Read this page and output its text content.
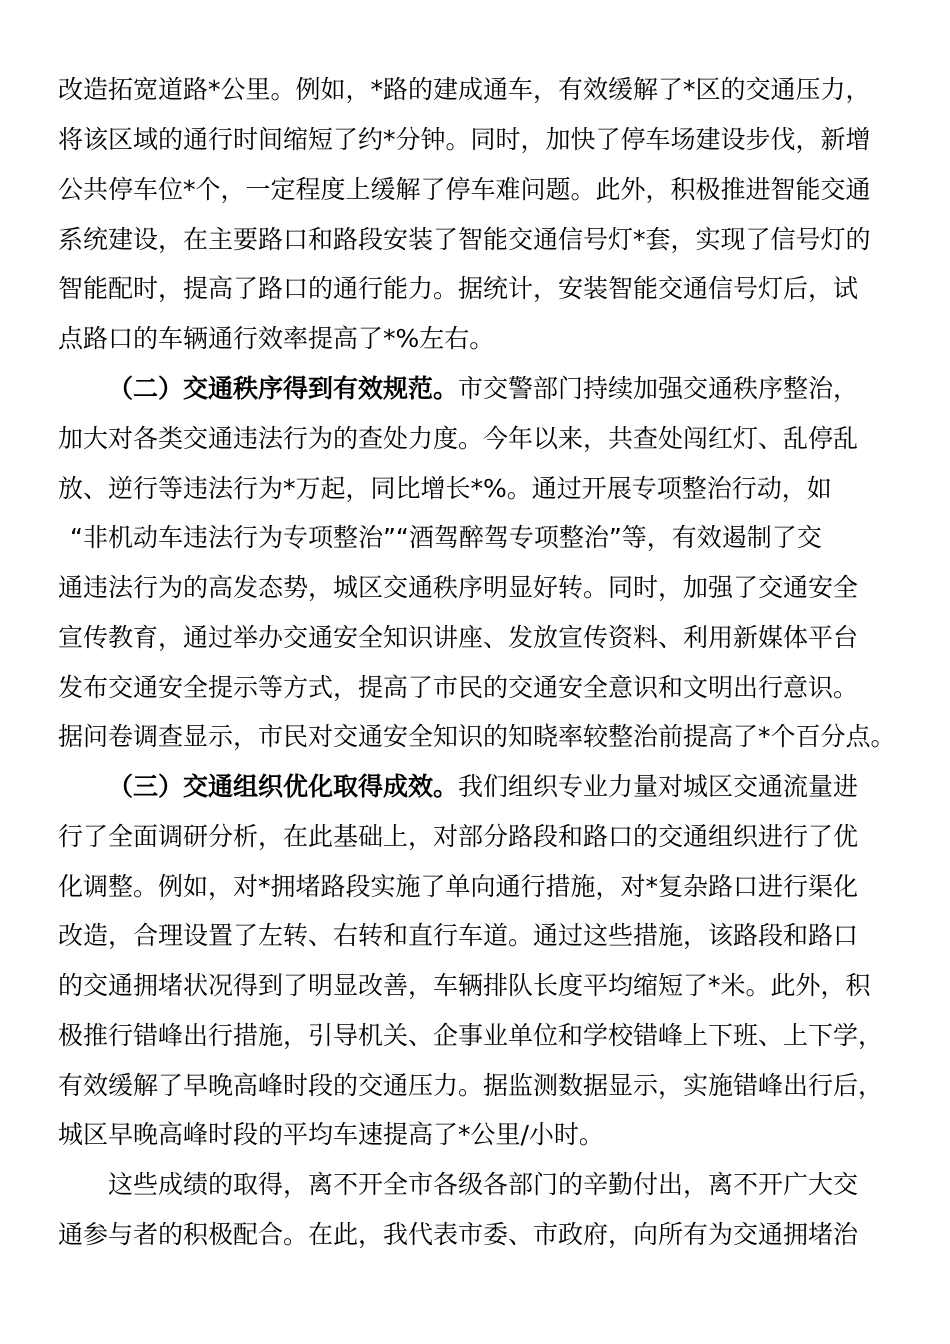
改造拓宽道路*公里。例如，*路的建成通车，有效缓解了*区的交通压力，
将该区域的通行时间缩短了约*分钟。同时，加快了停车场建设步伐，新增
公共停车位*个，一定程度上缓解了停车难问题。此外，积极推进智能交通
系统建设，在主要路口和路段安装了智能交通信号灯*套，实现了信号灯的
智能配时，提高了路口的通行能力。据统计，安装智能交通信号灯后，试
点路口的车辆通行效率提高了*%左右。
（二）交通秩序得到有效规范。市交警部门持续加强交通秩序整治，
加大对各类交通违法行为的查处力度。今年以来，共查处闯红灯、乱停乱
放、逆行等违法行为*万起，同比增长*%。通过开展专项整治行动，如
“非机动车违法行为专项整治”“酒驾醉驾专项整治”等，有效遏制了交
通违法行为的高发态势，城区交通秩序明显好转。同时，加强了交通安全
宣传教育，通过举办交通安全知识讲座、发放宣传资料、利用新媒体平台
发布交通安全提示等方式，提高了市民的交通安全意识和文明出行意识。
据问卷调查显示，市民对交通安全知识的知晓率较整治前提高了*个百分点。
（三）交通组织优化取得成效。我们组织专业力量对城区交通流量进
行了全面调研分析，在此基础上，对部分路段和路口的交通组织进行了优
化调整。例如，对*拥堵路段实施了单向通行措施，对*复杂路口进行渠化
改造，合理设置了左转、右转和直行车道。通过这些措施，该路段和路口
的交通拥堵状况得到了明显改善，车辆排队长度平均缩短了*米。此外，积
极推行错峰出行措施，引导机关、企事业单位和学校错峰上下班、上下学，
有效缓解了早晚高峰时段的交通压力。据监测数据显示，实施错峰出行后，
城区早晚高峰时段的平均车速提高了*公里/小时。
这些成绩的取得，离不开全市各级各部门的辛勤付出，离不开广大交
通参与者的积极配合。在此，我代表市委、市政府，向所有为交通拥堵治
